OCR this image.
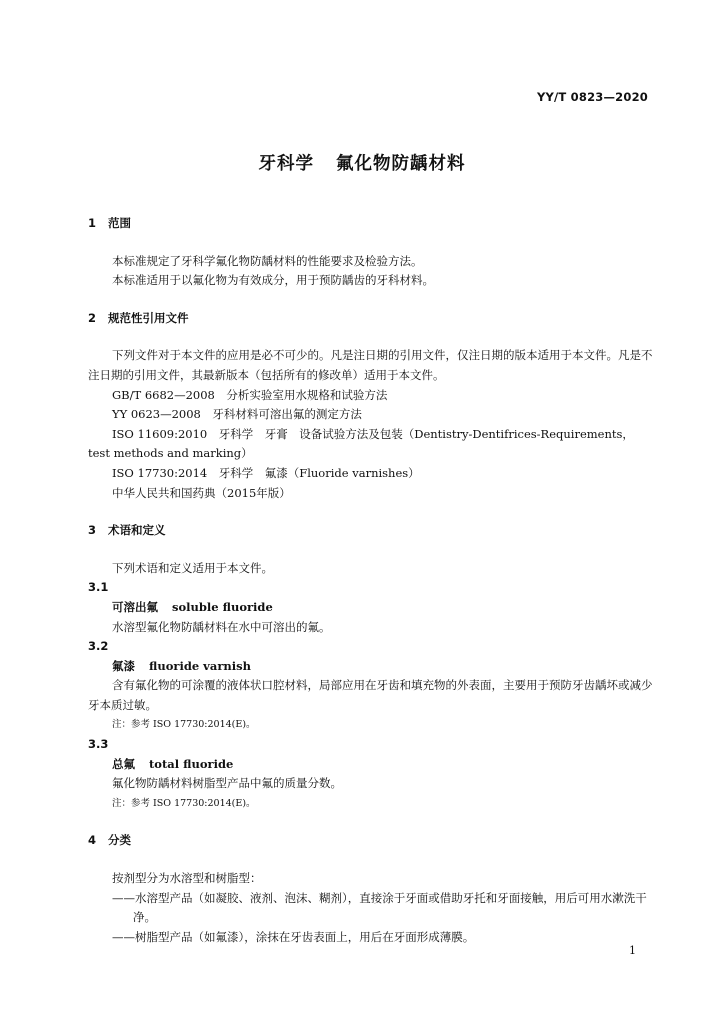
YY/T 0823—2020
牙科学 氟化物防龋材料
1 范围

本标准规定了牙科学氟化物防龋材料的性能要求及检验方法。

本标准适用于以氟化物为有效成分，用于预防龋齿的牙科材料。

2 规范性引用文件

下列文件对于本文件的应用是必不可少的。凡是注日期的引用文件，仅注日期的版本适用于本文件。凡是不注日期的引用文件，其最新版本（包括所有的修改单）适用于本文件。

GB/T 6682—2008　分析实验室用水规格和试验方法

YY 0623—2008　牙科材料可溶出氟的测定方法

ISO 11609:2010　牙科学　牙膏　设备试验方法及包装（Dentistry-Dentifrices-Requirements，test methods and marking）

ISO 17730:2014　牙科学　氟漆（Fluoride varnishes）

中华人民共和国药典（2015年版）

3 术语和定义

下列术语和定义适用于本文件。

3.1

可溶出氟 soluble fluoride

水溶型氟化物防龋材料在水中可溶出的氟。

3.2

氟漆 fluoride varnish

含有氟化物的可涂覆的液体状口腔材料，局部应用在牙齿和填充物的外表面，主要用于预防牙齿龋坏或减少牙本质过敏。

注：参考 ISO 17730:2014(E)。

3.3

总氟 total fluoride

氟化物防龋材料树脂型产品中氟的质量分数。

注：参考 ISO 17730:2014(E)。

4 分类

按剂型分为水溶型和树脂型：

——水溶型产品（如凝胶、液剂、泡沫、糊剂），直接涂于牙面或借助牙托和牙面接触，用后可用水漱洗干净。

——树脂型产品（如氟漆），涂抹在牙齿表面上，用后在牙面形成薄膜。

1
